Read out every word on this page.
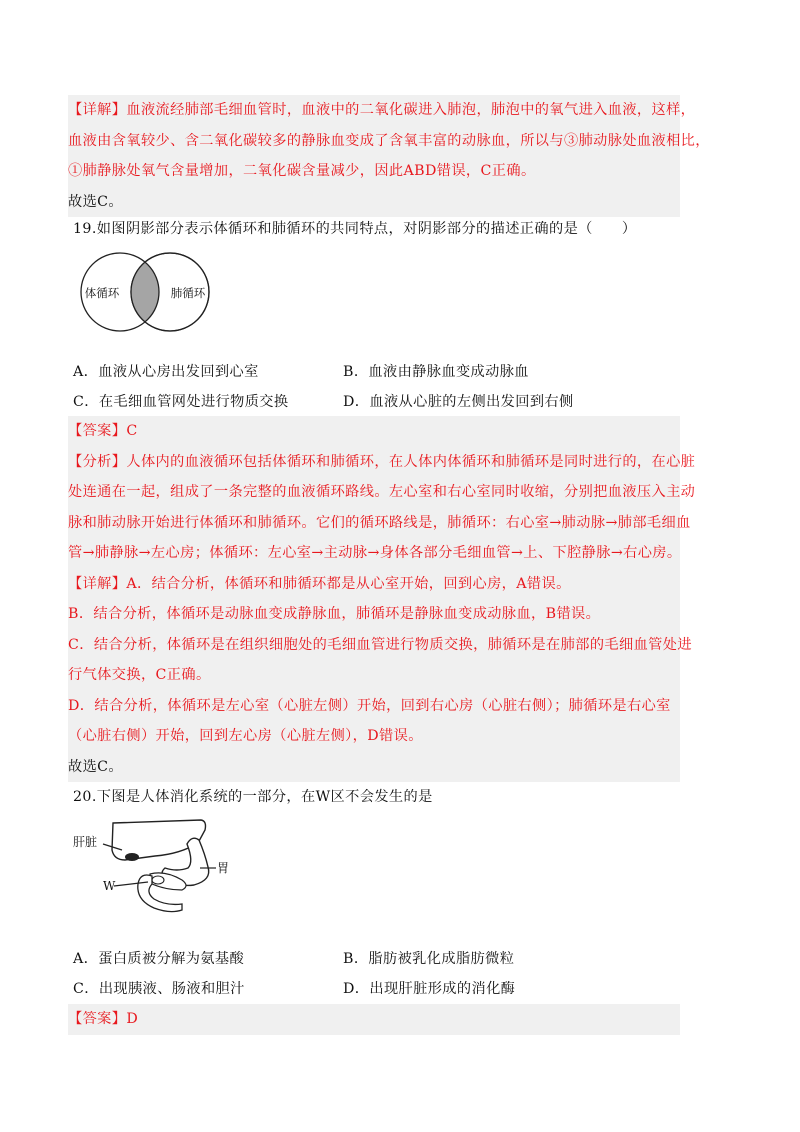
【详解】血液流经肺部毛细血管时，血液中的二氧化碳进入肺泡，肺泡中的氧气进入血液，这样，
血液由含氧较少、含二氧化碳较多的静脉血变成了含氧丰富的动脉血，所以与③肺动脉处血液相比，
①肺静脉处氧气含量增加，二氧化碳含量减少，因此ABD错误，C正确。
故选C。
19.如图阴影部分表示体循环和肺循环的共同特点，对阴影部分的描述正确的是（　　）
体循环	肺循环
A．血液从心房出发回到心室	B．血液由静脉血变成动脉血
C．在毛细血管网处进行物质交换	D．血液从心脏的左侧出发回到右侧
【答案】C
【分析】人体内的血液循环包括体循环和肺循环，在人体内体循环和肺循环是同时进行的，在心脏
处连通在一起，组成了一条完整的血液循环路线。左心室和右心室同时收缩，分别把血液压入主动
脉和肺动脉开始进行体循环和肺循环。它们的循环路线是，肺循环：右心室→肺动脉→肺部毛细血
管→肺静脉→左心房；体循环：左心室→主动脉→身体各部分毛细血管→上、下腔静脉→右心房。
【详解】A．结合分析，体循环和肺循环都是从心室开始，回到心房，A错误。
B．结合分析，体循环是动脉血变成静脉血，肺循环是静脉血变成动脉血，B错误。
C．结合分析，体循环是在组织细胞处的毛细血管进行物质交换，肺循环是在肺部的毛细血管处进
行气体交换，C正确。
D．结合分析，体循环是左心室（心脏左侧）开始，回到右心房（心脏右侧）；肺循环是右心室
（心脏右侧）开始，回到左心房（心脏左侧），D错误。
故选C。
20.下图是人体消化系统的一部分，在W区不会发生的是
肝脏
胃
W
A．蛋白质被分解为氨基酸	B．脂肪被乳化成脂肪微粒
C．出现胰液、肠液和胆汁	D．出现肝脏形成的消化酶
【答案】D
